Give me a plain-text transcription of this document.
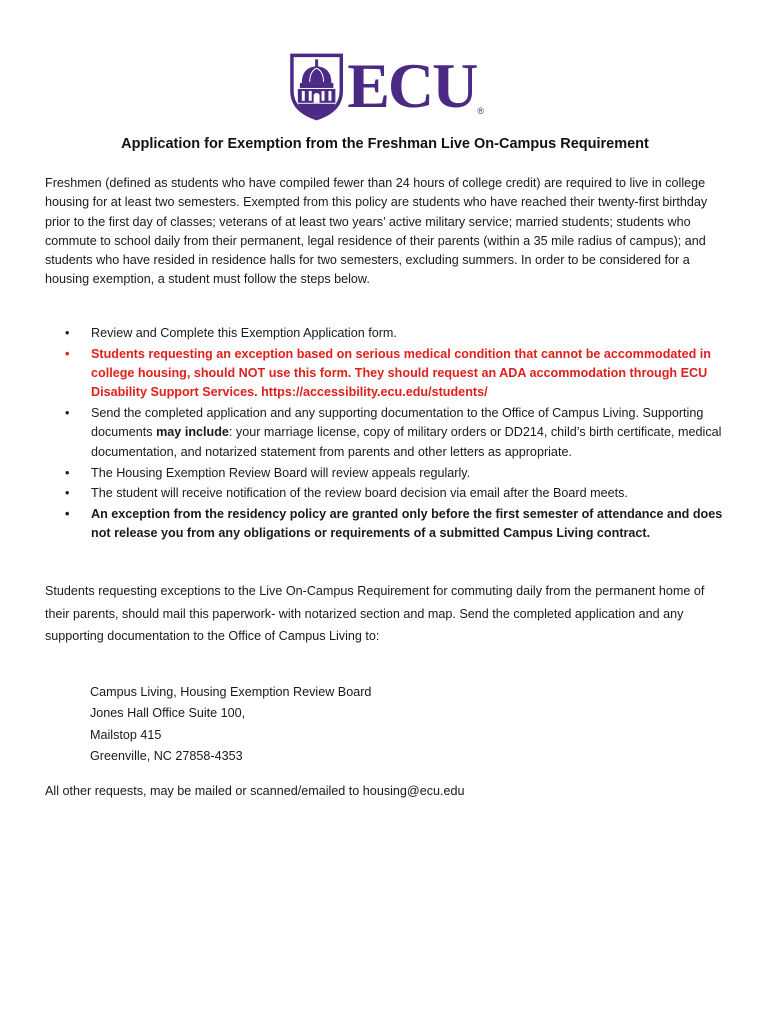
ECU ®
Application for Exemption from the Freshman Live On-Campus Requirement

Freshmen (defined as students who have compiled fewer than 24 hours of college credit) are required to live in college housing for at least two semesters. Exempted from this policy are students who have reached their twenty-first birthday prior to the first day of classes; veterans of at least two years’ active military service; married students; students who commute to school daily from their permanent, legal residence of their parents (within a 35 mile radius of campus); and students who have resided in residence halls for two semesters, excluding summers. In order to be considered for a housing exemption, a student must follow the steps below.

• Review and Complete this Exemption Application form.
• Students requesting an exception based on serious medical condition that cannot be accommodated in college housing, should NOT use this form. They should request an ADA accommodation through ECU Disability Support Services. https://accessibility.ecu.edu/students/
• Send the completed application and any supporting documentation to the Office of Campus Living. Supporting documents may include: your marriage license, copy of military orders or DD214, child’s birth certificate, medical documentation, and notarized statement from parents and other letters as appropriate.
• The Housing Exemption Review Board will review appeals regularly.
• The student will receive notification of the review board decision via email after the Board meets.
• An exception from the residency policy are granted only before the first semester of attendance and does not release you from any obligations or requirements of a submitted Campus Living contract.

Students requesting exceptions to the Live On-Campus Requirement for commuting daily from the permanent home of their parents, should mail this paperwork- with notarized section and map. Send the completed application and any supporting documentation to the Office of Campus Living to:

Campus Living, Housing Exemption Review Board
Jones Hall Office Suite 100,
Mailstop 415
Greenville, NC 27858-4353
All other requests, may be mailed or scanned/emailed to housing@ecu.edu
